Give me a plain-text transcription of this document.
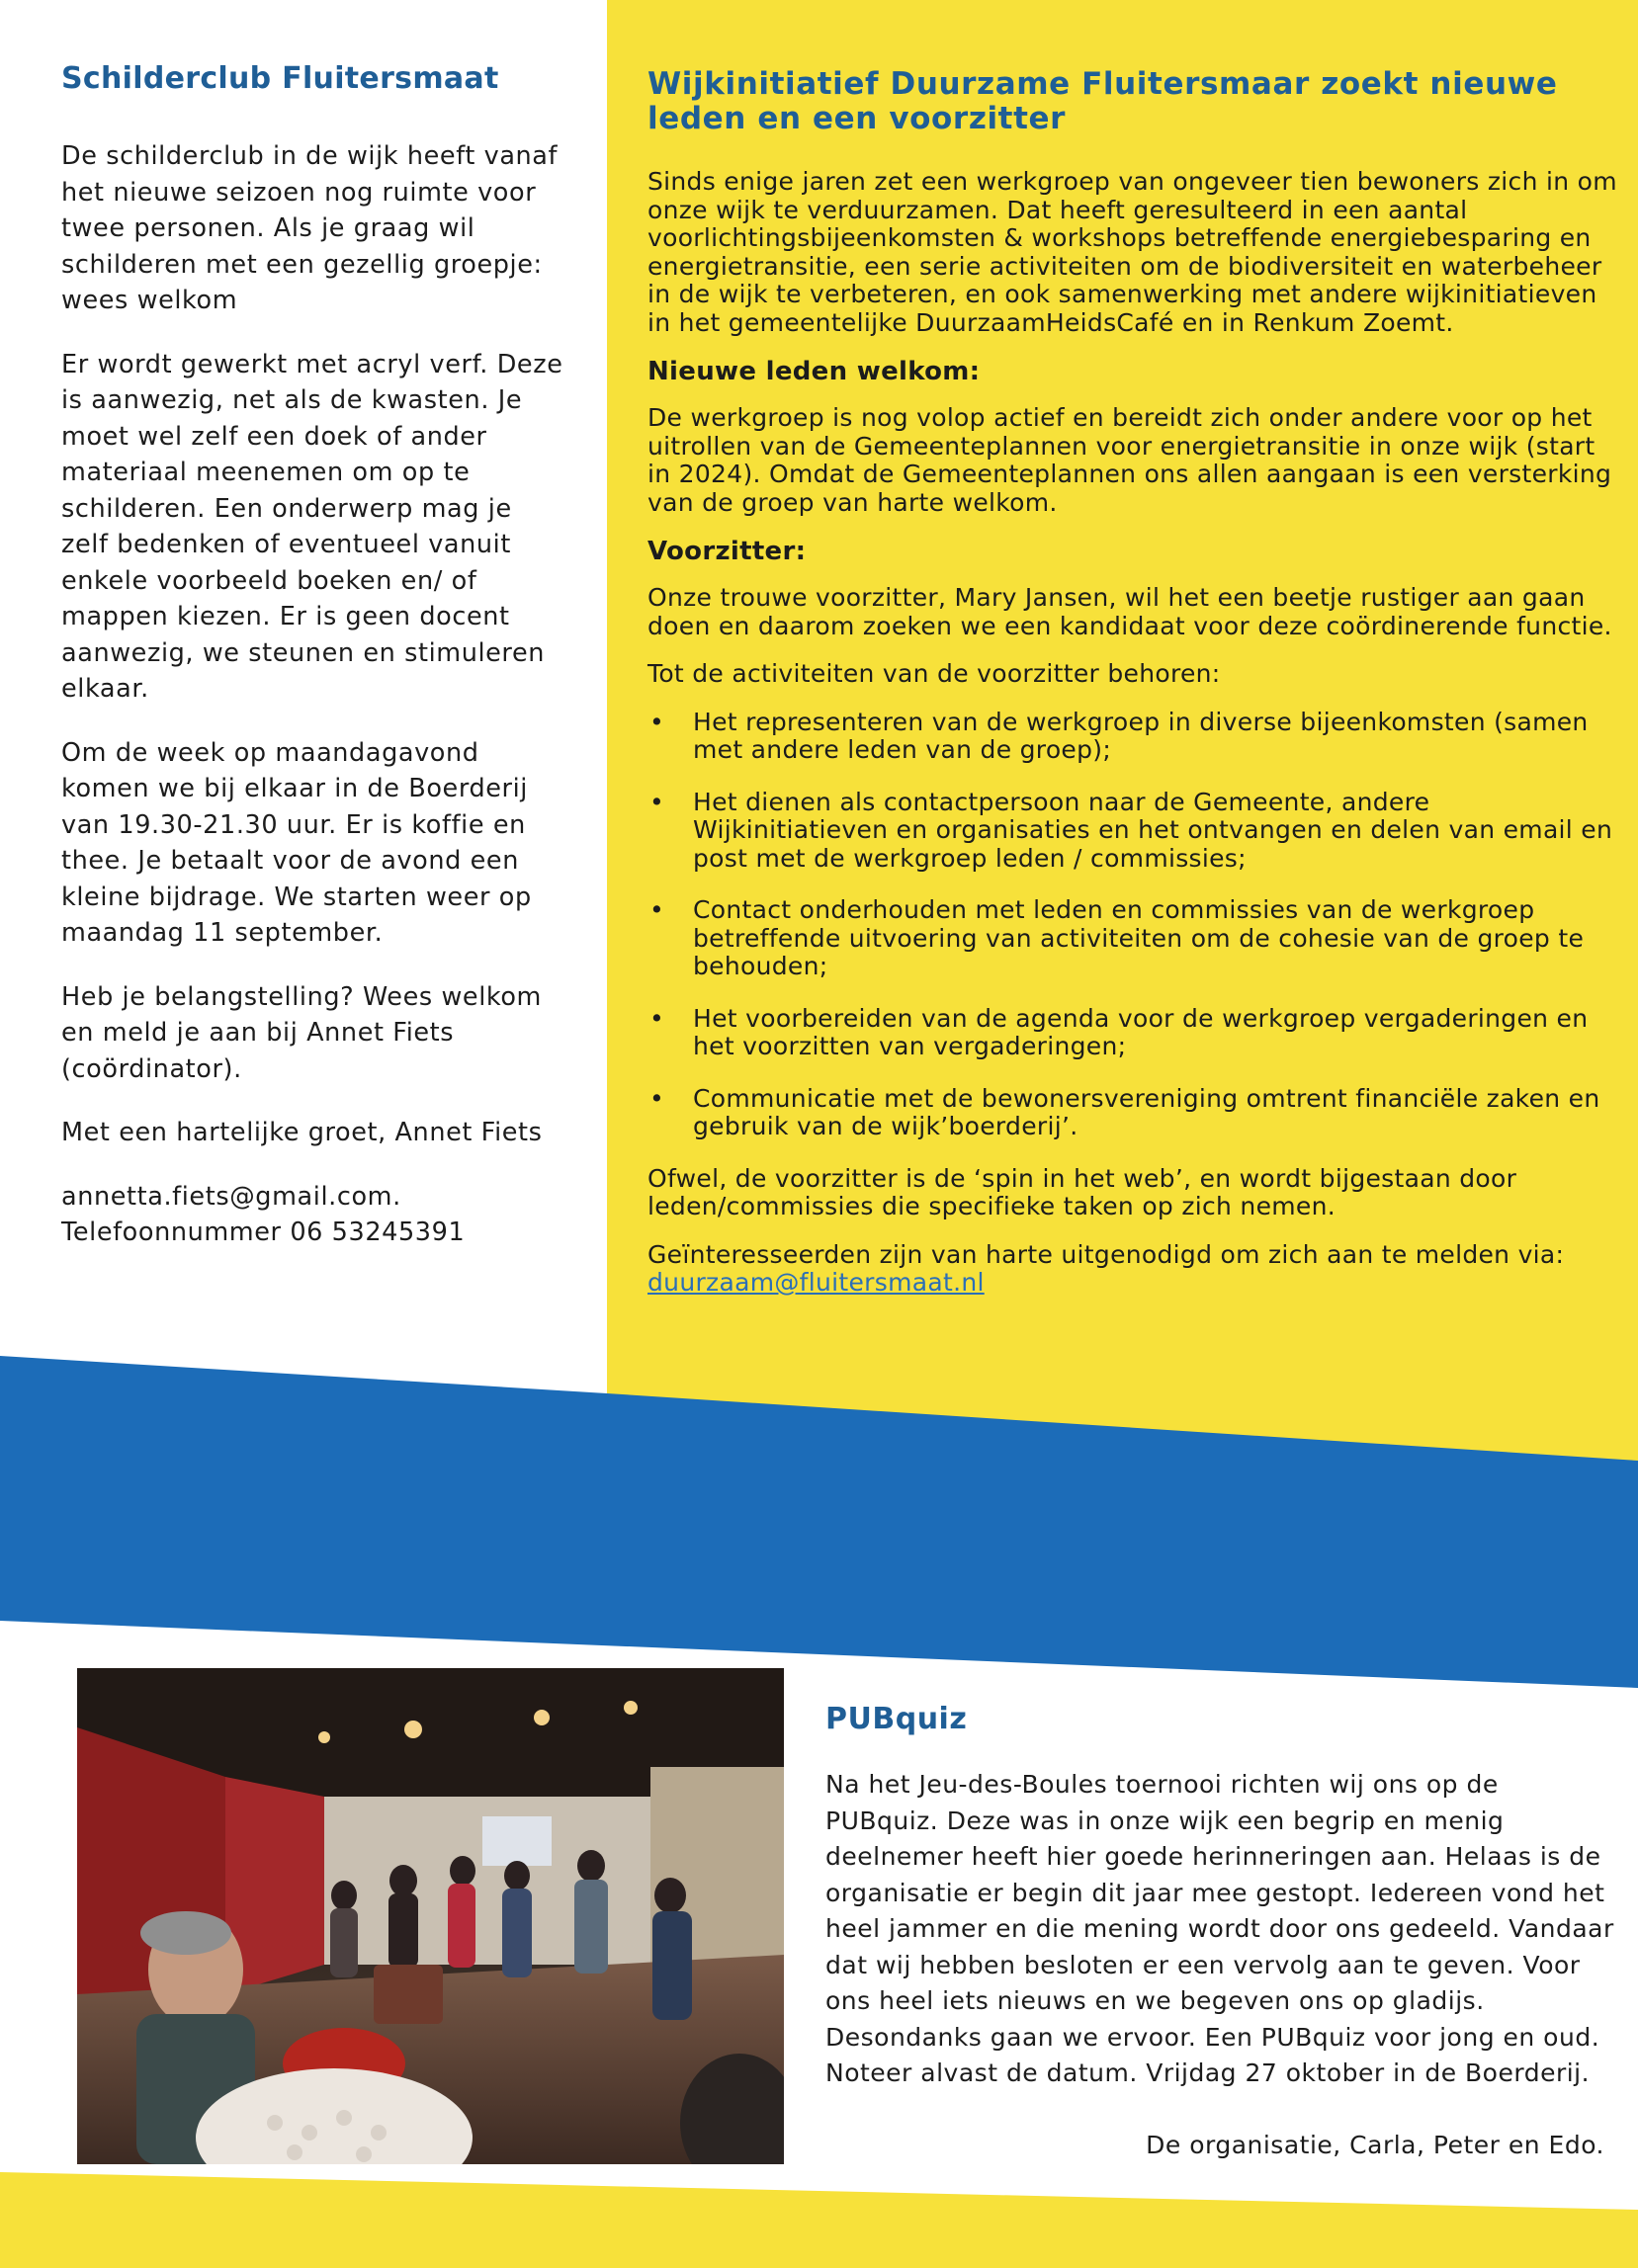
Schilderclub Fluitersmaat

De schilderclub in de wijk heeft vanaf het nieuwe seizoen nog ruimte voor twee personen. Als je graag wil schilderen met een gezellig groepje: wees welkom

Er wordt gewerkt met acryl verf. Deze is aanwezig, net als de kwasten. Je moet wel zelf een doek of ander materiaal meenemen om op te schilderen. Een onderwerp mag je zelf bedenken of eventueel vanuit enkele voorbeeld boeken en/ of mappen kiezen. Er is geen docent aanwezig, we steunen en stimuleren elkaar.

Om de week op maandagavond komen we bij elkaar in de Boerderij van 19.30-21.30 uur. Er is koffie en thee. Je betaalt voor de avond een kleine bijdrage. We starten weer op maandag 11 september.

Heb je belangstelling? Wees welkom en meld je aan bij Annet Fiets (coördinator).

Met een hartelijke groet, Annet Fiets

annetta.fiets@gmail.com.
Telefoonnummer 06 53245391

Wijkinitiatief Duurzame Fluitersmaar zoekt nieuwe leden en een voorzitter

Sinds enige jaren zet een werkgroep van ongeveer tien bewoners zich in om onze wijk te verduurzamen. Dat heeft geresulteerd in een aantal voorlichtingsbijeenkomsten & workshops betreffende energiebesparing en energietransitie, een serie activiteiten om de biodiversiteit en waterbeheer in de wijk te verbeteren, en ook samenwerking met andere wijkinitiatieven in het gemeentelijke DuurzaamHeidsCafé en in Renkum Zoemt.

Nieuwe leden welkom:

De werkgroep is nog volop actief en bereidt zich onder andere voor op het uitrollen van de Gemeenteplannen voor energietransitie in onze wijk (start in 2024). Omdat de Gemeenteplannen ons allen aangaan is een versterking van de groep van harte welkom.

Voorzitter:

Onze trouwe voorzitter, Mary Jansen, wil het een beetje rustiger aan gaan doen en daarom zoeken we een kandidaat voor deze coördinerende functie.

Tot de activiteiten van de voorzitter behoren:

• Het representeren van de werkgroep in diverse bijeenkomsten (samen met andere leden van de groep);
• Het dienen als contactpersoon naar de Gemeente, andere Wijkinitiatieven en organisaties en het ontvangen en delen van email en post met de werkgroep leden / commissies;
• Contact onderhouden met leden en commissies van de werkgroep betreffende uitvoering van activiteiten om de cohesie van de groep te behouden;
• Het voorbereiden van de agenda voor de werkgroep vergaderingen en het voorzitten van vergaderingen;
• Communicatie met de bewonersvereniging omtrent financiële zaken en gebruik van de wijk’boerderij’.

Ofwel, de voorzitter is de ‘spin in het web’, en wordt bijgestaan door leden/commissies die specifieke taken op zich nemen.

Geïnteresseerden zijn van harte uitgenodigd om zich aan te melden via: duurzaam@fluitersmaat.nl

PUBquiz

Na het Jeu-des-Boules toernooi richten wij ons op de PUBquiz. Deze was in onze wijk een begrip en menig deelnemer heeft hier goede herinneringen aan. Helaas is de organisatie er begin dit jaar mee gestopt. Iedereen vond het heel jammer en die mening wordt door ons gedeeld. Vandaar dat wij hebben besloten er een vervolg aan te geven. Voor ons heel iets nieuws en we begeven ons op gladijs. Desondanks gaan we ervoor. Een PUBquiz voor jong en oud. Noteer alvast de datum. Vrijdag 27 oktober in de Boerderij.

De organisatie, Carla, Peter en Edo.
